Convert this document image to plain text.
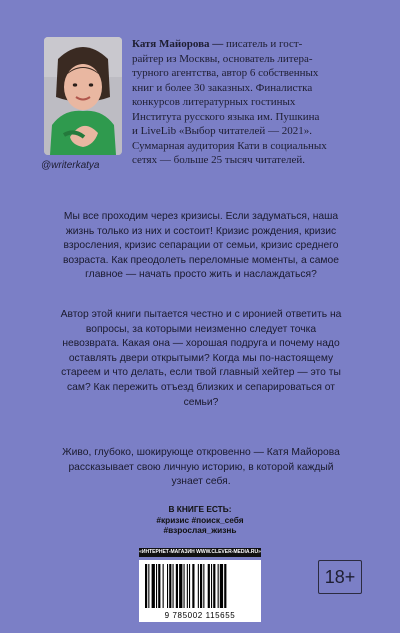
Катя Майорова — писатель и гост-
райтер из Москвы, основатель литера-
турного агентства, автор 6 собственных
книг и более 30 заказных. Финалистка
конкурсов литературных гостиных
Института русского языка им. Пушкина
и LiveLib «Выбор читателей — 2021».
Суммарная аудитория Кати в социальных
сетях — больше 25 тысяч читателей.
@writerkatya
Мы все проходим через кризисы. Если задуматься, наша жизнь только из них и состоит! Кризис рождения, кризис взросления, кризис сепарации от семьи, кризис среднего возраста. Как преодолеть переломные моменты, а самое главное — начать просто жить и наслаждаться?
Автор этой книги пытается честно и с иронией ответить на вопросы, за которыми неизменно следует точка невозврата. Какая она — хорошая подруга и почему надо оставлять двери открытыми? Когда мы по-настоящему стареем и что делать, если твой главный хейтер — это ты сам? Как пережить отъезд близких и сепарироваться от семьи?
Живо, глубоко, шокирующе откровенно — Катя Майорова рассказывает свою личную историю, в которой каждый узнает себя.
В КНИГЕ ЕСТЬ:
#кризис #поиск_себя
#взрослая_жизнь
«ИНТЕРНЕТ-МАГАЗИН WWW.CLEVER-MEDIA.RU»
9 785002 115655
18+
